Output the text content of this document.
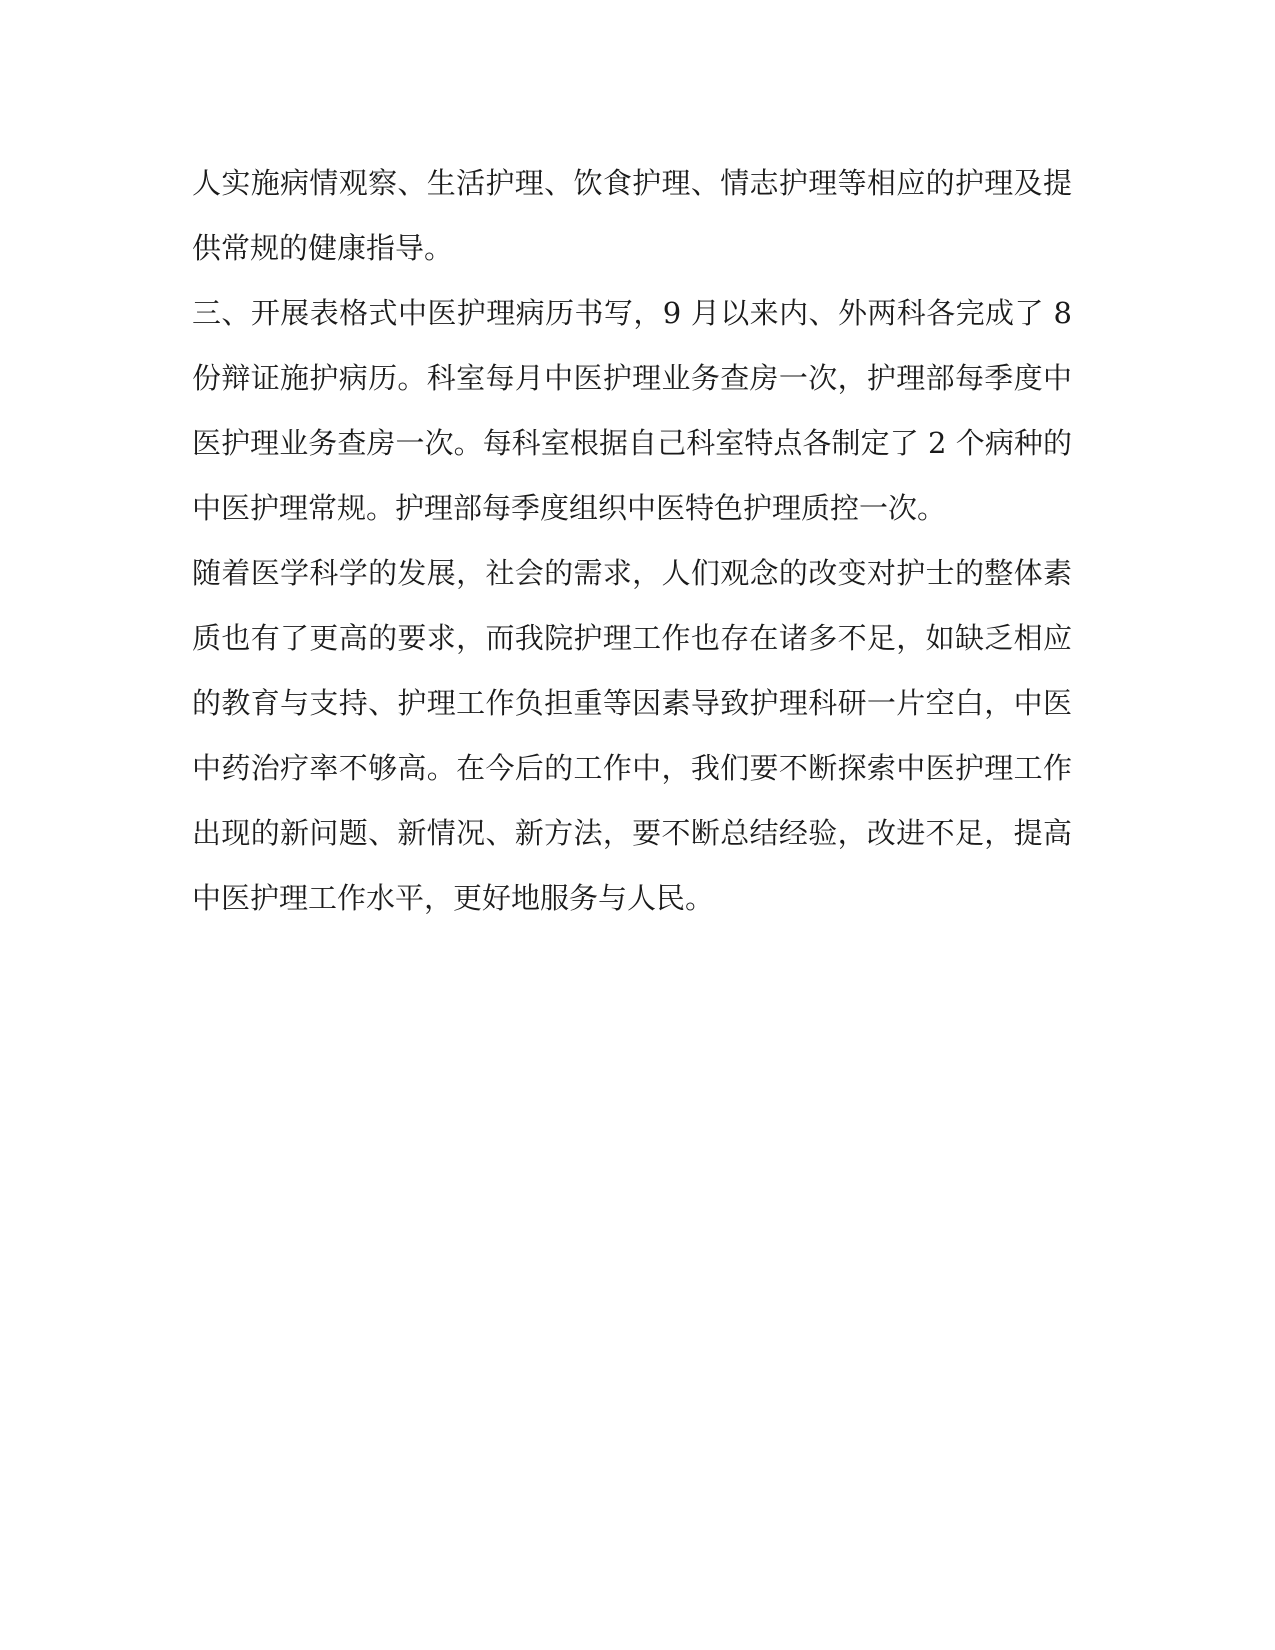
人实施病情观察、生活护理、饮食护理、情志护理等相应的护理及提
供常规的健康指导。
三、开展表格式中医护理病历书写，9 月以来内、外两科各完成了 8
份辩证施护病历。科室每月中医护理业务查房一次，护理部每季度中
医护理业务查房一次。每科室根据自己科室特点各制定了 2 个病种的
中医护理常规。护理部每季度组织中医特色护理质控一次。
随着医学科学的发展，社会的需求，人们观念的改变对护士的整体素
质也有了更高的要求，而我院护理工作也存在诸多不足，如缺乏相应
的教育与支持、护理工作负担重等因素导致护理科研一片空白，中医
中药治疗率不够高。在今后的工作中，我们要不断探索中医护理工作
出现的新问题、新情况、新方法，要不断总结经验，改进不足，提高
中医护理工作水平，更好地服务与人民。
